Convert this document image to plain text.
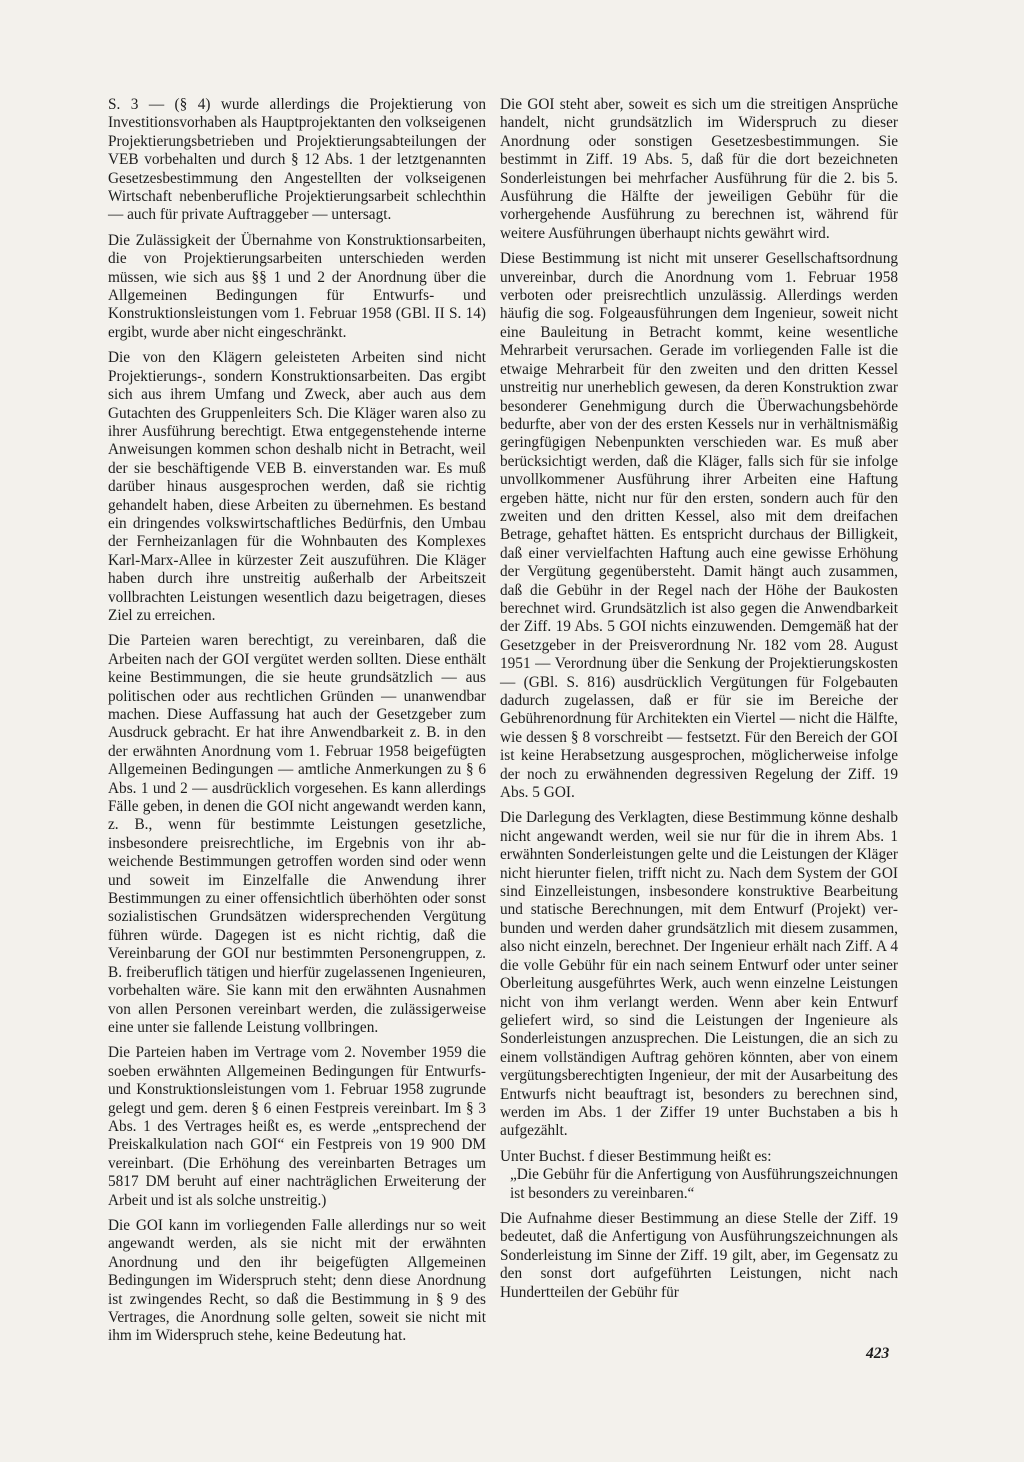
S. 3 — (§ 4) wurde allerdings die Projektierung von Investitionsvorhaben als Hauptprojektanten den volkseigenen Projektierungsbetrieben und Projektierungsabteilungen der VEB vorbehalten und durch § 12 Abs. 1 der letztgenannten Gesetzesbestimmung den Angestellten der volkseigenen Wirtschaft nebenberufliche Projektierungsarbeit schlechthin — auch für private Auftraggeber — untersagt.

Die Zulässigkeit der Übernahme von Konstruktionsarbeiten, die von Projektierungsarbeiten unterschieden werden müssen, wie sich aus §§ 1 und 2 der Anordnung über die Allgemeinen Bedingungen für Entwurfs- und Konstruktionsleistungen vom 1. Februar 1958 (GBl. II S. 14) ergibt, wurde aber nicht eingeschränkt.

Die von den Klägern geleisteten Arbeiten sind nicht Projektierungs-, sondern Konstruktionsarbeiten. Das ergibt sich aus ihrem Umfang und Zweck, aber auch aus dem Gutachten des Gruppenleiters Sch. Die Kläger waren also zu ihrer Ausführung berechtigt. Etwa entgegenstehende interne Anweisungen kommen schon deshalb nicht in Betracht, weil der sie beschäftigende VEB B. einverstanden war. Es muß darüber hinaus ausgesprochen werden, daß sie richtig gehandelt haben, diese Arbeiten zu übernehmen. Es bestand ein dringendes volkswirtschaftliches Bedürfnis, den Umbau der Fernheizanlagen für die Wohnbauten des Komplexes Karl-Marx-Allee in kürzester Zeit auszuführen. Die Kläger haben durch ihre unstreitig außerhalb der Arbeitszeit vollbrachten Leistungen wesentlich dazu beigetragen, dieses Ziel zu erreichen.

Die Parteien waren berechtigt, zu vereinbaren, daß die Arbeiten nach der GOI vergütet werden sollten. Diese enthält keine Bestimmungen, die sie heute grundsätzlich — aus politischen oder aus rechtlichen Gründen — unanwendbar machen. Diese Auffassung hat auch der Gesetzgeber zum Ausdruck gebracht. Er hat ihre Anwendbarkeit z. B. in den der erwähnten Anordnung vom 1. Februar 1958 beigefügten Allgemeinen Bedingungen — amtliche Anmerkungen zu § 6 Abs. 1 und 2 — ausdrücklich vorgesehen. Es kann allerdings Fälle geben, in denen die GOI nicht angewandt werden kann, z. B., wenn für bestimmte Leistungen gesetzliche, insbesondere preisrechtliche, im Ergebnis von ihr abweichende Bestimmungen getroffen worden sind oder wenn und soweit im Einzelfalle die Anwendung ihrer Bestimmungen zu einer offensichtlich überhöhten oder sonst sozialistischen Grundsätzen widersprechenden Vergütung führen würde. Dagegen ist es nicht richtig, daß die Vereinbarung der GOI nur bestimmten Personengruppen, z. B. freiberuflich tätigen und hierfür zugelassenen Ingenieuren, vorbehalten wäre. Sie kann mit den erwähnten Ausnahmen von allen Personen vereinbart werden, die zulässigerweise eine unter sie fallende Leistung vollbringen.

Die Parteien haben im Vertrage vom 2. November 1959 die soeben erwähnten Allgemeinen Bedingungen für Entwurfs- und Konstruktionsleistungen vom 1. Februar 1958 zugrunde gelegt und gem. deren § 6 einen Festpreis vereinbart. Im § 3 Abs. 1 des Vertrages heißt es, es werde „entsprechend der Preiskalkulation nach GOI“ ein Festpreis von 19 900 DM vereinbart. (Die Erhöhung des vereinbarten Betrages um 5817 DM beruht auf einer nachträglichen Erweiterung der Arbeit und ist als solche unstreitig.)

Die GOI kann im vorliegenden Falle allerdings nur so weit angewandt werden, als sie nicht mit der erwähnten Anordnung und den ihr beigefügten Allgemeinen Bedingungen im Widerspruch steht; denn diese Anordnung ist zwingendes Recht, so daß die Bestimmung in § 9 des Vertrages, die Anordnung solle gelten, soweit sie nicht mit ihm im Widerspruch stehe, keine Bedeutung hat.

Die GOI steht aber, soweit es sich um die streitigen Ansprüche handelt, nicht grundsätzlich im Widerspruch zu dieser Anordnung oder sonstigen Gesetzesbestimmungen. Sie bestimmt in Ziff. 19 Abs. 5, daß für die dort bezeichneten Sonderleistungen bei mehrfacher Ausführung für die 2. bis 5. Ausführung die Hälfte der jeweiligen Gebühr für die vorhergehende Ausführung zu berechnen ist, während für weitere Ausführungen überhaupt nichts gewährt wird.

Diese Bestimmung ist nicht mit unserer Gesellschaftsordnung unvereinbar, durch die Anordnung vom 1. Februar 1958 verboten oder preisrechtlich unzulässig. Allerdings werden häufig die sog. Folgeausführungen dem Ingenieur, soweit nicht eine Bauleitung in Betracht kommt, keine wesentliche Mehrarbeit verursachen. Gerade im vorliegenden Falle ist die etwaige Mehrarbeit für den zweiten und den dritten Kessel unstreitig nur unerheblich gewesen, da deren Konstruktion zwar besonderer Genehmigung durch die Überwachungsbehörde bedurfte, aber von der des ersten Kessels nur in verhältnismäßig geringfügigen Nebenpunkten verschieden war. Es muß aber berücksichtigt werden, daß die Kläger, falls sich für sie infolge unvollkommener Ausführung ihrer Arbeiten eine Haftung ergeben hätte, nicht nur für den ersten, sondern auch für den zweiten und den dritten Kessel, also mit dem dreifachen Betrage, gehaftet hätten. Es entspricht durchaus der Billigkeit, daß einer vervielfachten Haftung auch eine gewisse Erhöhung der Vergütung gegenübersteht. Damit hängt auch zusammen, daß die Gebühr in der Regel nach der Höhe der Baukosten berechnet wird. Grundsätzlich ist also gegen die Anwendbarkeit der Ziff. 19 Abs. 5 GOI nichts einzuwenden. Demgemäß hat der Gesetzgeber in der Preisverordnung Nr. 182 vom 28. August 1951 — Verordnung über die Senkung der Projektierungskosten — (GBl. S. 816) ausdrücklich Vergütungen für Folgebauten dadurch zugelassen, daß er für sie im Bereiche der Gebührenordnung für Architekten ein Viertel — nicht die Hälfte, wie dessen § 8 vorschreibt — festsetzt. Für den Bereich der GOI ist keine Herabsetzung ausgesprochen, möglicherweise infolge der noch zu erwähnenden degressiven Regelung der Ziff. 19 Abs. 5 GOI.

Die Darlegung des Verklagten, diese Bestimmung könne deshalb nicht angewandt werden, weil sie nur für die in ihrem Abs. 1 erwähnten Sonderleistungen gelte und die Leistungen der Kläger nicht hierunter fielen, trifft nicht zu. Nach dem System der GOI sind Einzelleistungen, insbesondere konstruktive Bearbeitung und statische Berechnungen, mit dem Entwurf (Projekt) verbunden und werden daher grundsätzlich mit diesem zusammen, also nicht einzeln, berechnet. Der Ingenieur erhält nach Ziff. A 4 die volle Gebühr für ein nach seinem Entwurf oder unter seiner Oberleitung ausgeführtes Werk, auch wenn einzelne Leistungen nicht von ihm verlangt werden. Wenn aber kein Entwurf geliefert wird, so sind die Leistungen der Ingenieure als Sonderleistungen anzusprechen. Die Leistungen, die an sich zu einem vollständigen Auftrag gehören könnten, aber von einem vergütungsberechtigten Ingenieur, der mit der Ausarbeitung des Entwurfs nicht beauftragt ist, besonders zu berechnen sind, werden im Abs. 1 der Ziffer 19 unter Buchstaben a bis h aufgezählt.

Unter Buchst. f dieser Bestimmung heißt es:

„Die Gebühr für die Anfertigung von Ausführungszeichnungen ist besonders zu vereinbaren.“

Die Aufnahme dieser Bestimmung an diese Stelle der Ziff. 19 bedeutet, daß die Anfertigung von Ausführungszeichnungen als Sonderleistung im Sinne der Ziff. 19 gilt, aber, im Gegensatz zu den sonst dort aufgeführten Leistungen, nicht nach Hundertteilen der Gebühr für

423
